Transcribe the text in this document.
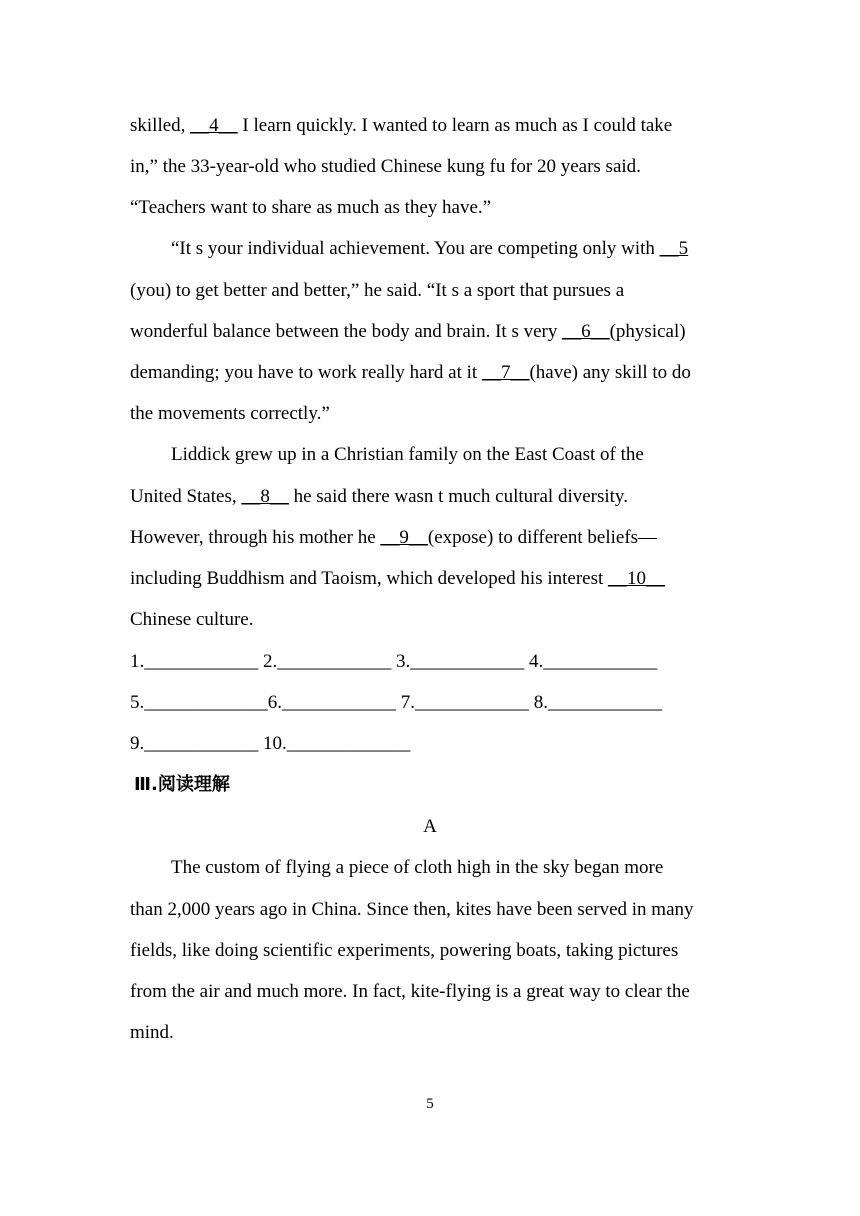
skilled, __4__ I learn quickly. I wanted to learn as much as I could take
in,” the 33-year-old who studied Chinese kung fu for 20 years said.
“Teachers want to share as much as they have.”
“It s your individual achievement. You are competing only with __5
(you) to get better and better,” he said. “It s a sport that pursues a
wonderful balance between the body and brain. It s very __6__(physical)
demanding; you have to work really hard at it __7__(have) any skill to do
the movements correctly.”
Liddick grew up in a Christian family on the East Coast of the
United States, __8__ he said there wasn t much cultural diversity.
However, through his mother he __9__(expose) to different beliefs—
including Buddhism and Taoism, which developed his interest __10__
Chinese culture.
1.____________ 2.____________ 3.____________ 4.____________
5._____________6.____________ 7.____________ 8.____________
9.____________ 10._____________
Ⅲ.阅读理解
A
The custom of flying a piece of cloth high in the sky began more
than 2,000 years ago in China. Since then, kites have been served in many
fields, like doing scientific experiments, powering boats, taking pictures
from the air and much more. In fact, kite-flying is a great way to clear the
mind.
5
